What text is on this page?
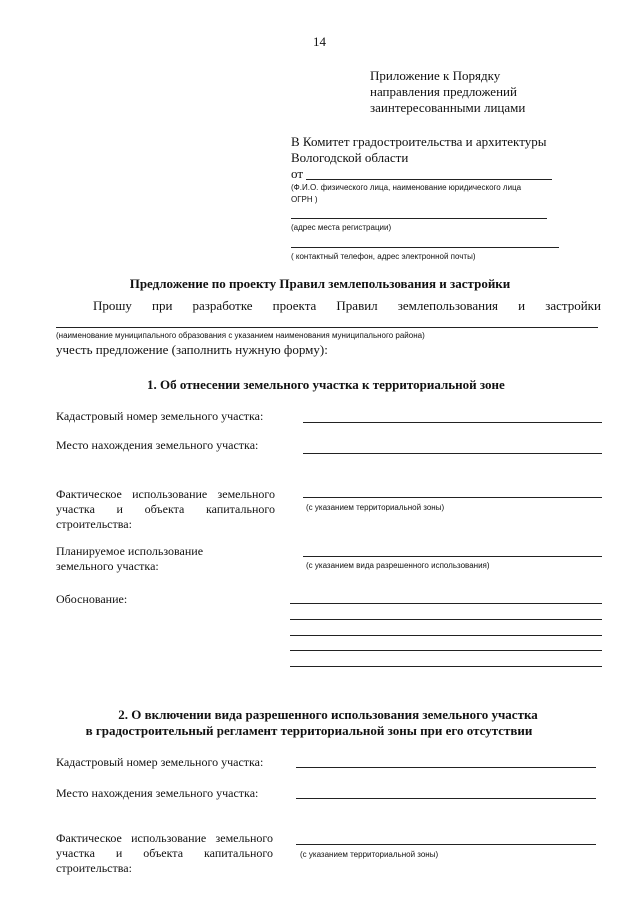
14
Приложение к Порядку
направления предложений
заинтересованными лицами
В Комитет градостроительства и архитектуры
Вологодской области
от
(Ф.И.О. физического лица, наименование юридического лица
ОГРН )
(адрес места регистрации)
( контактный телефон, адрес электронной почты)
Предложение по проекту Правил землепользования и застройки
Прошу при разработке проекта Правил землепользования и застройки
(наименование муниципального образования с указанием наименования муниципального района)
учесть предложение (заполнить нужную форму):
1. Об отнесении земельного участка к территориальной зоне
Кадастровый номер земельного участка:
Место нахождения земельного участка:
Фактическое использование земельного
участка и объекта капитального
строительства:
(с указанием территориальной зоны)
Планируемое использование
земельного участка:	(с указанием вида разрешенного использования)
Обоснование:
2. О включении вида разрешенного использования земельного участка
в градостроительный регламент территориальной зоны при его отсутствии
Кадастровый номер земельного участка:
Место нахождения земельного участка:
Фактическое использование земельного
участка и объекта капитального
строительства:
(с указанием территориальной зоны)
